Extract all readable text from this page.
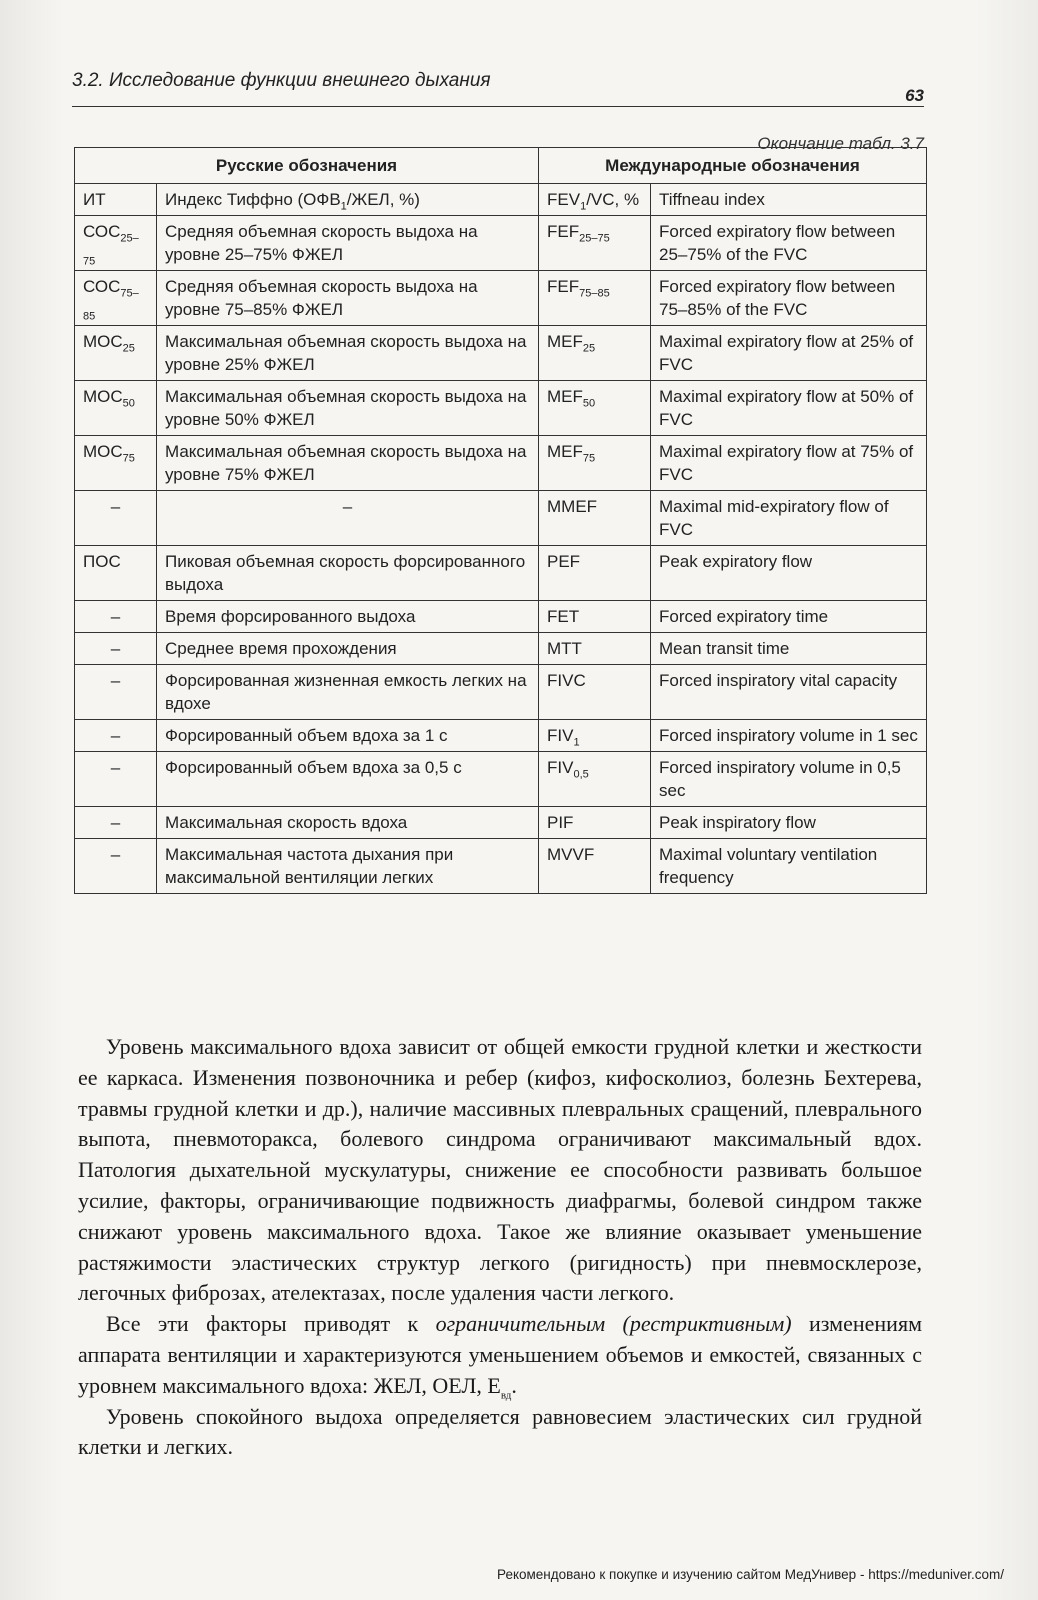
3.2. Исследование функции внешнего дыхания
63
Окончание табл. 3.7
Русские обозначения		Международные обозначения	
ИТ	Индекс Тиффно ($ОФВ_1$/ЖЕЛ, %)	$FEV_1/VC$, %	Tiffneau index
$СОС_{25-75}$	Средняя объемная скорость выдоха на уровне 25–75% ФЖЕЛ	$FEF_{25-75}$	Forced expiratory flow between 25–75% of the FVC
$СОС_{75-85}$	Средняя объемная скорость выдоха на уровне 75–85% ФЖЕЛ	$FEF_{75-85}$	Forced expiratory flow between 75–85% of the FVC
$МОС_{25}$	Максимальная объемная скорость выдоха на уровне 25% ФЖЕЛ	$MEF_{25}$	Maximal expiratory flow at 25% of FVC
$МОС_{50}$	Максимальная объемная скорость выдоха на уровне 50% ФЖЕЛ	$MEF_{50}$	Maximal expiratory flow at 50% of FVC
$МОС_{75}$	Максимальная объемная скорость выдоха на уровне 75% ФЖЕЛ	$MEF_{75}$	Maximal expiratory flow at 75% of FVC
–	–	MMEF	Maximal mid-expiratory flow of FVC
ПОС	Пиковая объемная скорость форсированного выдоха	PEF	Peak expiratory flow
–	Время форсированного выдоха	FET	Forced expiratory time
–	Среднее время прохождения	MTT	Mean transit time
–	Форсированная жизненная емкость легких на вдохе	FIVC	Forced inspiratory vital capacity
–	Форсированный объем вдоха за 1 с	$FIV_1$	Forced inspiratory volume in 1 sec
–	Форсированный объем вдоха за 0,5 с	$FIV_{0,5}$	Forced inspiratory volume in 0,5 sec
–	Максимальная скорость вдоха	PIF	Peak inspiratory flow
–	Максимальная частота дыхания при максимальной вентиляции легких	MVVF	Maximal voluntary ventilation frequency

Уровень максимального вдоха зависит от общей емкости грудной клетки и жесткости ее каркаса. Изменения позвоночника и ребер (кифоз, кифосколиоз, болезнь Бехтерева, травмы грудной клетки и др.), наличие массивных плевральных сращений, плеврального выпота, пневмоторакса, болевого синдрома ограничивают максимальный вдох. Патология дыхательной мускулатуры, снижение ее способности развивать большое усилие, факторы, ограничивающие подвижность диафрагмы, болевой синдром также снижают уровень максимального вдоха. Такое же влияние оказывает уменьшение растяжимости эластических структур легкого (ригидность) при пневмосклерозе, легочных фиброзах, ателектазах, после удаления части легкого.

Все эти факторы приводят к ограничительным (рестриктивным) изменениям аппарата вентиляции и характеризуются уменьшением объемов и емкостей, связанных с уровнем максимального вдоха: ЖЕЛ, ОЕЛ, $Е_{вд}$.

Уровень спокойного выдоха определяется равновесием эластических сил грудной клетки и легких.

Рекомендовано к покупке и изучению сайтом МедУнивер - https://meduniver.com/
